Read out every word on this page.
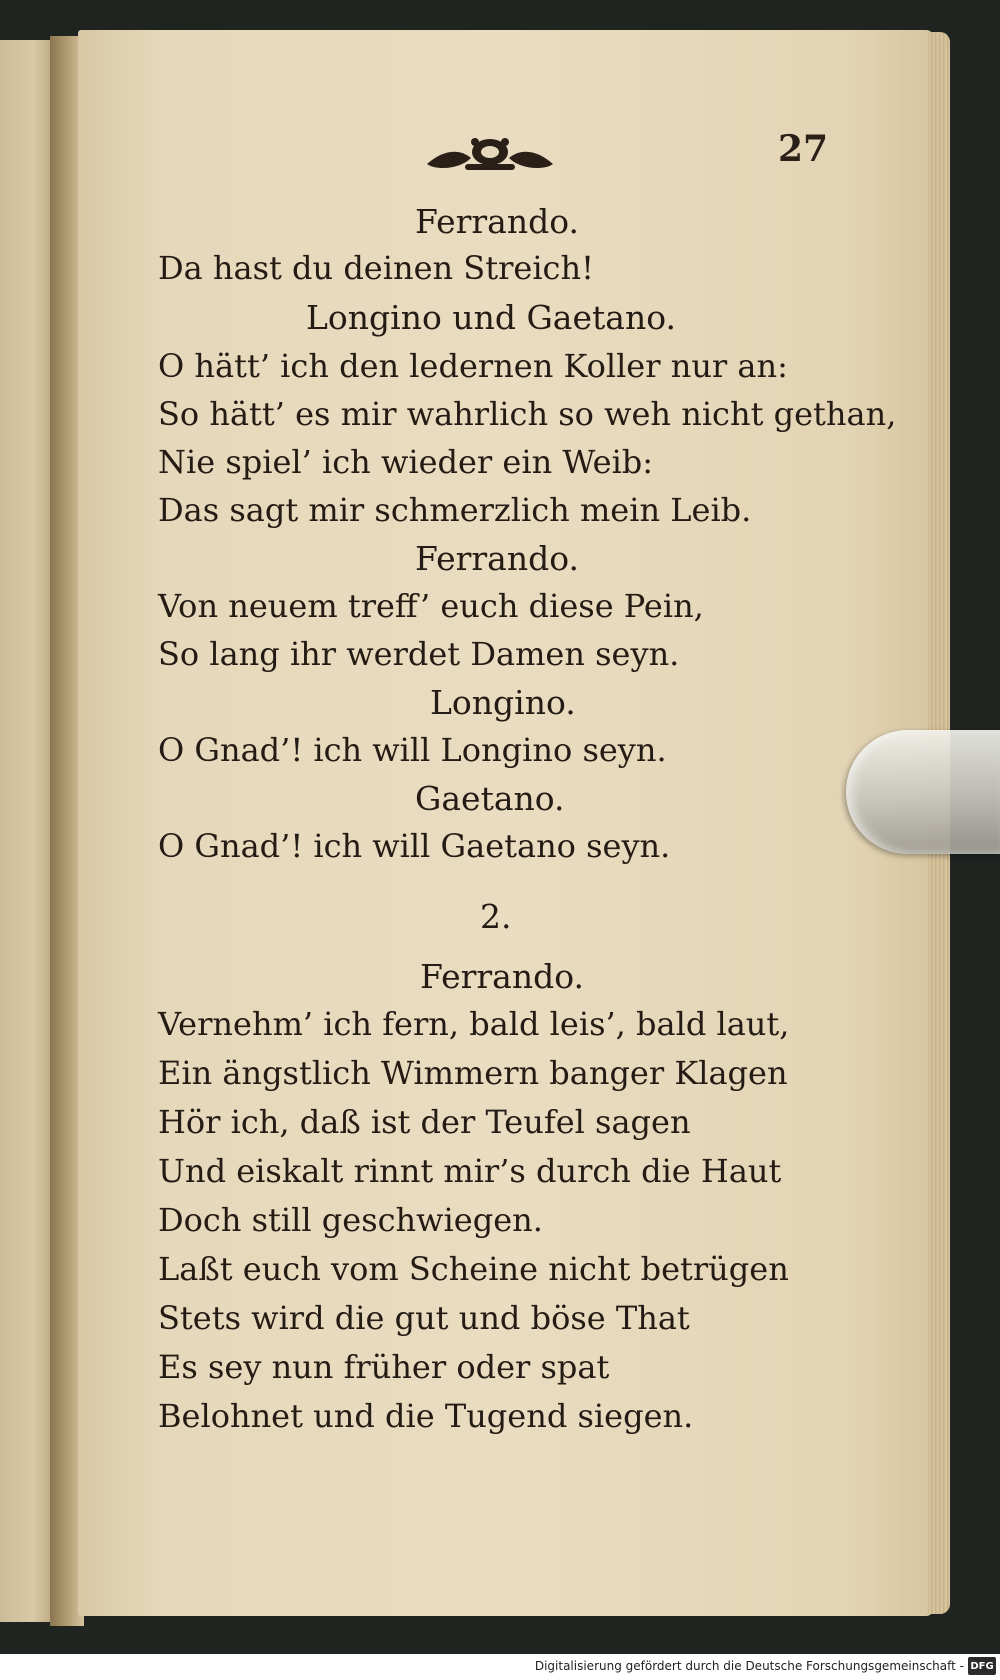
27
Ferrando.
Da hast du deinen Streich!
Longino und Gaetano.
O hätt’ ich den ledernen Koller nur an:
So hätt’ es mir wahrlich so weh nicht gethan,
Nie spiel’ ich wieder ein Weib:
Das sagt mir schmerzlich mein Leib.
Ferrando.
Von neuem treff’ euch diese Pein,
So lang ihr werdet Damen seyn.
Longino.
O Gnad’! ich will Longino seyn.
Gaetano.
O Gnad’! ich will Gaetano seyn.
2.
Ferrando.
Vernehm’ ich fern, bald leis’, bald laut,
Ein ängstlich Wimmern banger Klagen
Hör ich, daß ist der Teufel sagen
Und eiskalt rinnt mir’s durch die Haut
Doch still geschwiegen.
Laßt euch vom Scheine nicht betrügen
Stets wird die gut und böse That
Es sey nun früher oder spat
Belohnet und die Tugend siegen.
Digitalisierung gefördert durch die Deutsche Forschungsgemeinschaft - DFG
